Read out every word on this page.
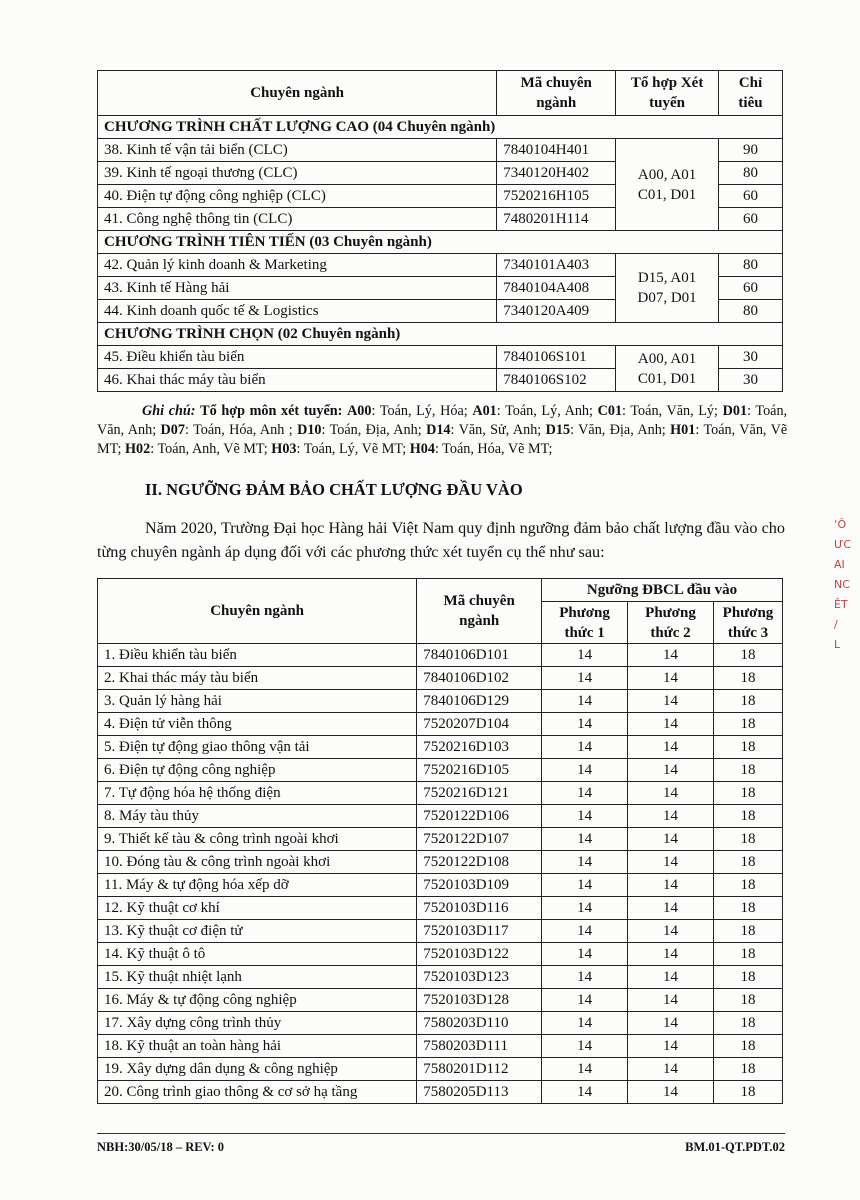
Chuyên ngành	Mã chuyên ngành	Tổ hợp Xét tuyển	Chỉ tiêu
CHƯƠNG TRÌNH CHẤT LƯỢNG CAO (04 Chuyên ngành)			
38. Kinh tế vận tải biển (CLC)	7840104H401	A00, A01 C01, D01	90
39. Kinh tế ngoại thương (CLC)	7340120H402		80
40. Điện tự động công nghiệp (CLC)	7520216H105		60
41. Công nghệ thông tin (CLC)	7480201H114		60
CHƯƠNG TRÌNH TIÊN TIẾN (03 Chuyên ngành)			
42. Quản lý kinh doanh & Marketing	7340101A403	D15, A01 D07, D01	80
43. Kinh tế Hàng hải	7840104A408		60
44. Kinh doanh quốc tế & Logistics	7340120A409		80
CHƯƠNG TRÌNH CHỌN (02 Chuyên ngành)			
45. Điều khiển tàu biển	7840106S101	A00, A01 C01, D01	30
46. Khai thác máy tàu biển	7840106S102		30
Ghi chú: Tổ hợp môn xét tuyển: A00: Toán, Lý, Hóa; A01: Toán, Lý, Anh; C01: Toán, Văn, Lý; D01: Toán, Văn, Anh; D07: Toán, Hóa, Anh ; D10: Toán, Địa, Anh; D14: Văn, Sử, Anh; D15: Văn, Địa, Anh; H01: Toán, Văn, Vẽ MT; H02: Toán, Anh, Vẽ MT; H03: Toán, Lý, Vẽ MT; H04: Toán, Hóa, Vẽ MT;
II. NGƯỠNG ĐẢM BẢO CHẤT LƯỢNG ĐẦU VÀO
Năm 2020, Trường Đại học Hàng hải Việt Nam quy định ngưỡng đảm bảo chất lượng đầu vào cho từng chuyên ngành áp dụng đối với các phương thức xét tuyển cụ thể như sau:
Chuyên ngành	Mã chuyên ngành	Ngưỡng ĐBCL đầu vào		
		Phương thức 1	Phương thức 2	Phương thức 3
1. Điều khiển tàu biển	7840106D101	14	14	18
2. Khai thác máy tàu biển	7840106D102	14	14	18
3. Quản lý hàng hải	7840106D129	14	14	18
4. Điện tử viễn thông	7520207D104	14	14	18
5. Điện tự động giao thông vận tải	7520216D103	14	14	18
6. Điện tự động công nghiệp	7520216D105	14	14	18
7. Tự động hóa hệ thống điện	7520216D121	14	14	18
8. Máy tàu thủy	7520122D106	14	14	18
9. Thiết kế tàu & công trình ngoài khơi	7520122D107	14	14	18
10. Đóng tàu & công trình ngoài khơi	7520122D108	14	14	18
11. Máy & tự động hóa xếp dỡ	7520103D109	14	14	18
12. Kỹ thuật cơ khí	7520103D116	14	14	18
13. Kỹ thuật cơ điện tử	7520103D117	14	14	18
14. Kỹ thuật ô tô	7520103D122	14	14	18
15. Kỹ thuật nhiệt lạnh	7520103D123	14	14	18
16. Máy & tự động công nghiệp	7520103D128	14	14	18
17. Xây dựng công trình thủy	7580203D110	14	14	18
18. Kỹ thuật an toàn hàng hải	7580203D111	14	14	18
19. Xây dựng dân dụng & công nghiệp	7580201D112	14	14	18
20. Công trình giao thông & cơ sở hạ tầng	7580205D113	14	14	18
NBH:30/05/18 – REV: 0	BM.01-QT.PDT.02
‘Ô
ƯC
AI
NC
ÊT
/
L
